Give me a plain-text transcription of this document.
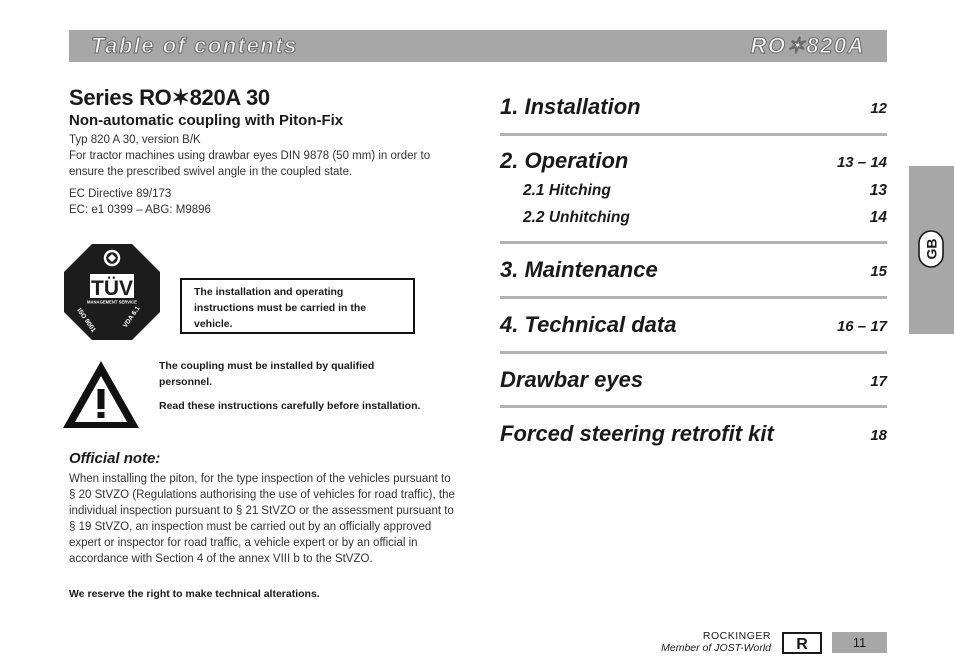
Table of contents	RO✶820A
Series RO✶820A 30
Non-automatic coupling with Piton-Fix
Typ 820 A 30, version B/K
For tractor machines using drawbar eyes DIN 9878 (50 mm) in order to ensure the prescribed swivel angle in the coupled state.
EC Directive 89/173
EC: e1 0399 – ABG: M9896
TÜV
MANAGEMENT SERVICE
ISO 9001	VDA 6.1
The installation and operating instructions must be carried in the vehicle.
The coupling must be installed by qualified personnel.
Read these instructions carefully before installation.
Official note:
When installing the piton, for the type inspection of the vehicles pursuant to § 20 StVZO (Regulations authorising the use of vehicles for road traffic), the individual inspection pursuant to § 21 StVZO or the assessment pursuant to § 19 StVZO, an inspection must be carried out by an officially approved expert or inspector for road traffic, a vehicle expert or by an official in accordance with Section 4 of the annex VIII b to the StVZO.
We reserve the right to make technical alterations.
1. Installation	12
2. Operation	13 – 14
2.1 Hitching	13
2.2 Unhitching	14
3. Maintenance	15
4. Technical data	16 – 17
Drawbar eyes	17
Forced steering retrofit kit	18
GB
ROCKINGER
Member of JOST-World R	11
